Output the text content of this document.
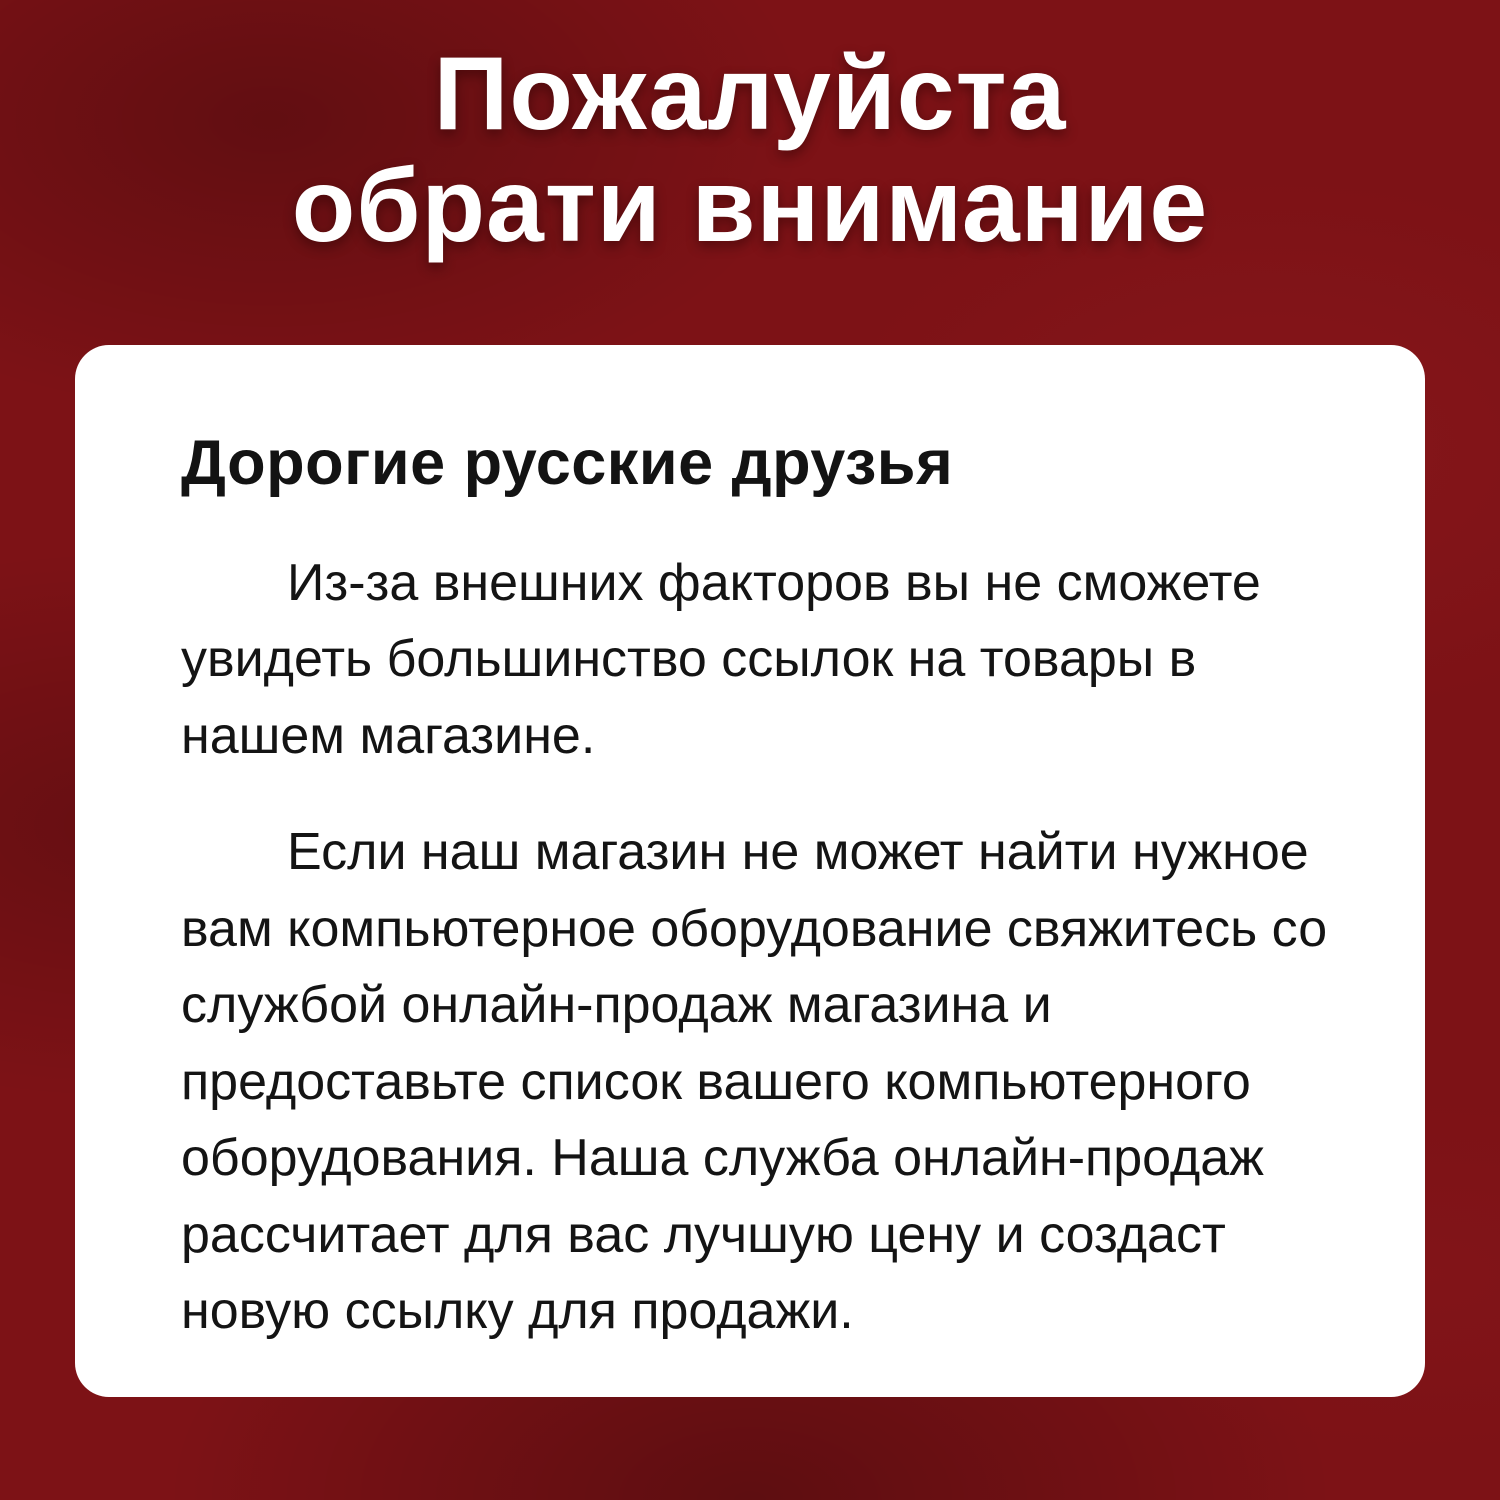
Пожалуйста
обрати внимание
Дорогие русские друзья

Из-за внешних факторов вы не сможете увидеть большинство ссылок на товары в нашем магазине.

Если наш магазин не может найти нужное вам компьютерное оборудование свяжитесь со службой онлайн-продаж магазина и предоставьте список вашего компьютерного оборудования. Наша служба онлайн-продаж рассчитает для вас лучшую цену и создаст новую ссылку для продажи.
